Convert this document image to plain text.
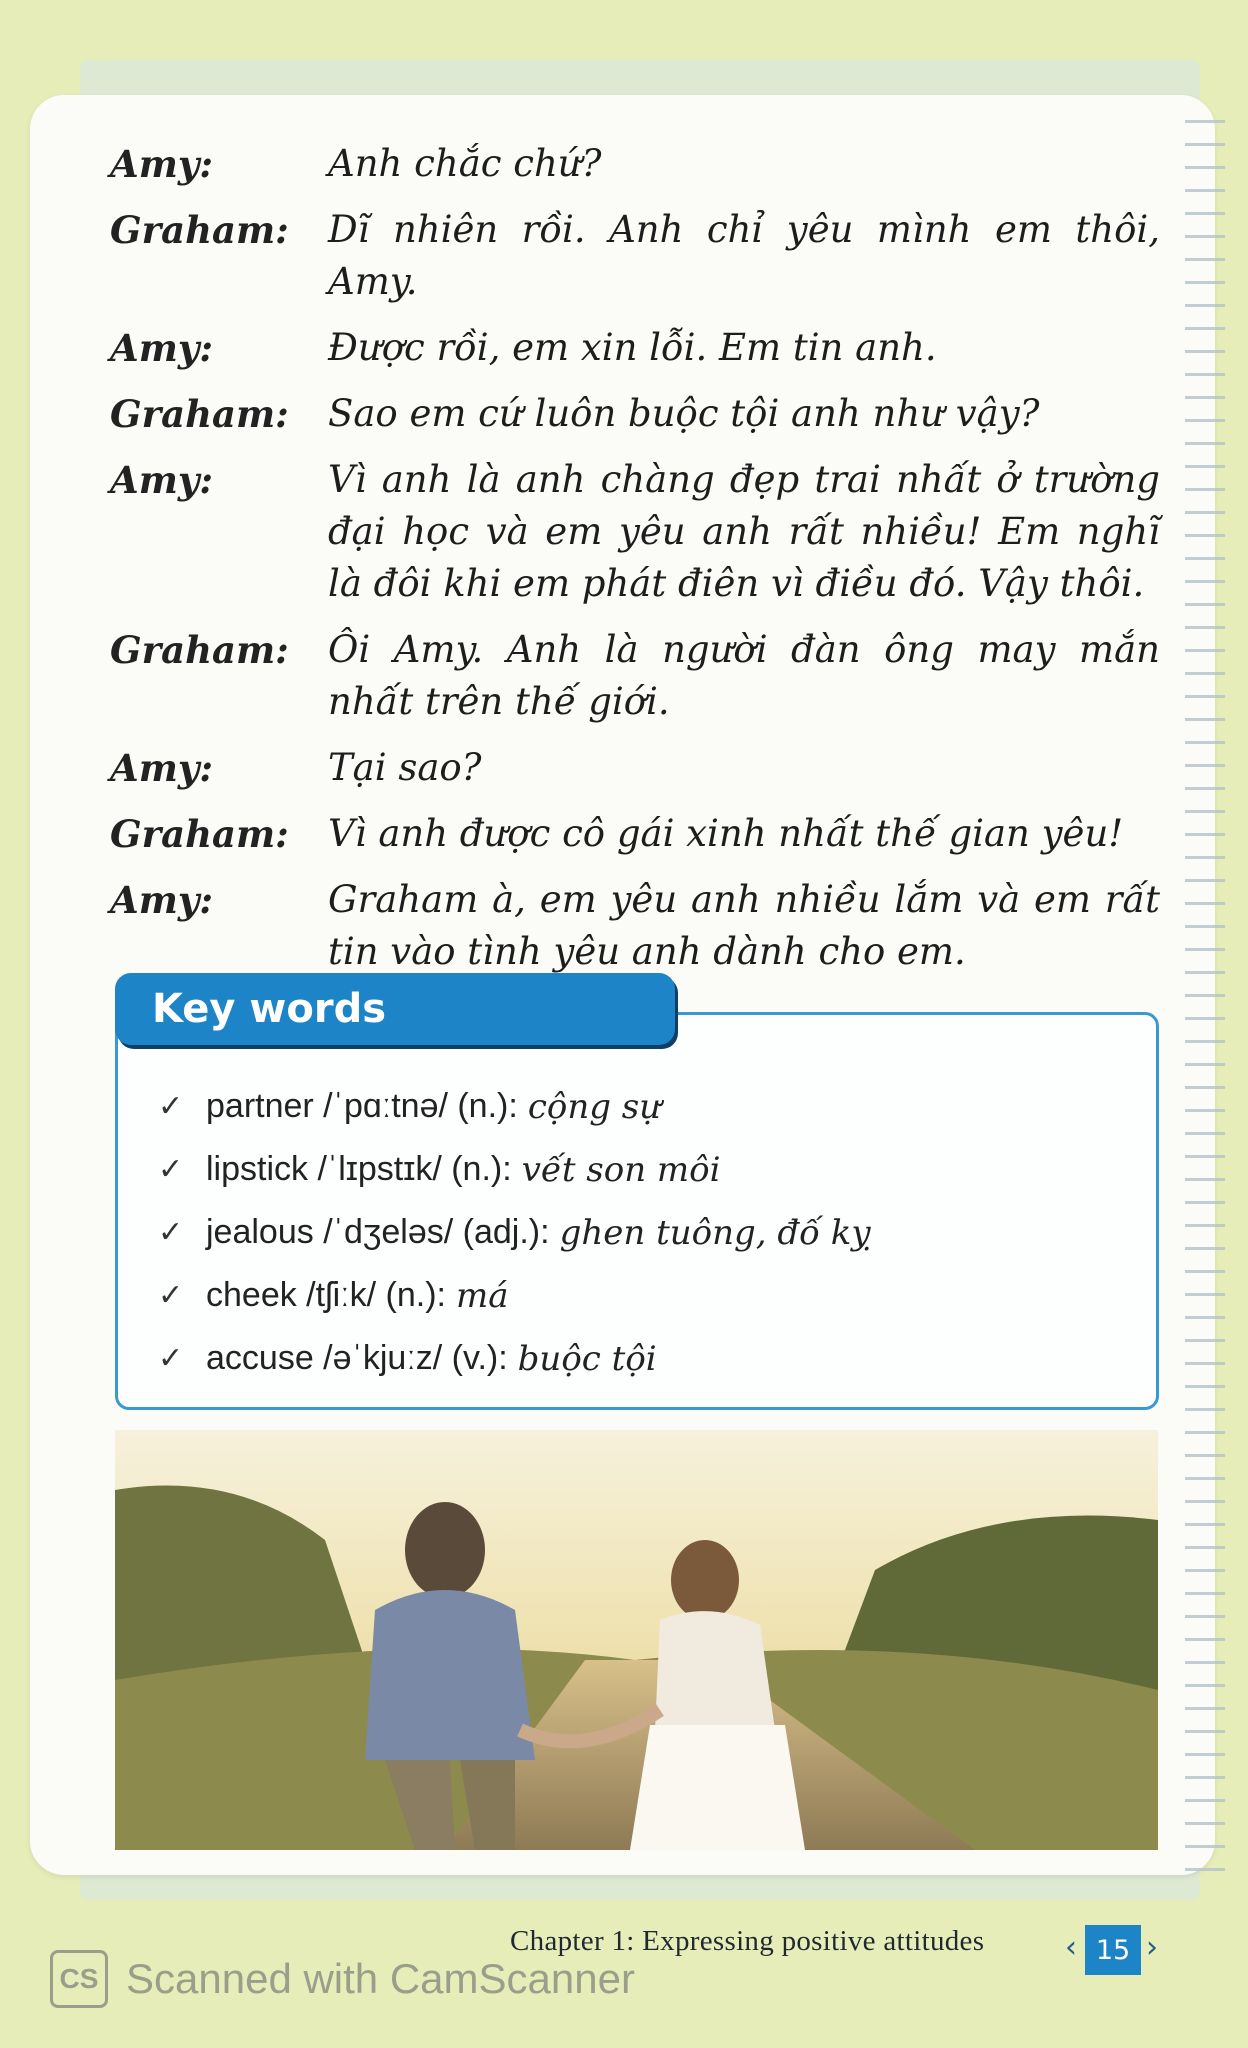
Amy:	Anh chắc chứ?
Graham:	Dĩ nhiên rồi. Anh chỉ yêu mình em thôi, Amy.
Amy:	Được rồi, em xin lỗi. Em tin anh.
Graham:	Sao em cứ luôn buộc tội anh như vậy?
Amy:	Vì anh là anh chàng đẹp trai nhất ở trường đại học và em yêu anh rất nhiều! Em nghĩ là đôi khi em phát điên vì điều đó. Vậy thôi.
Graham:	Ôi Amy. Anh là người đàn ông may mắn nhất trên thế giới.
Amy:	Tại sao?
Graham:	Vì anh được cô gái xinh nhất thế gian yêu!
Amy:	Graham à, em yêu anh nhiều lắm và em rất tin vào tình yêu anh dành cho em.
Key words
✓ partner /ˈpɑːtnə/ (n.): cộng sự
✓ lipstick /ˈlɪpstɪk/ (n.): vết son môi
✓ jealous /ˈdʒeləs/ (adj.): ghen tuông, đố kỵ
✓ cheek /tʃiːk/ (n.): má
✓ accuse /əˈkjuːz/ (v.): buộc tội
Chapter 1: Expressing positive attitudes	‹ 15 ›
CS Scanned with CamScanner
